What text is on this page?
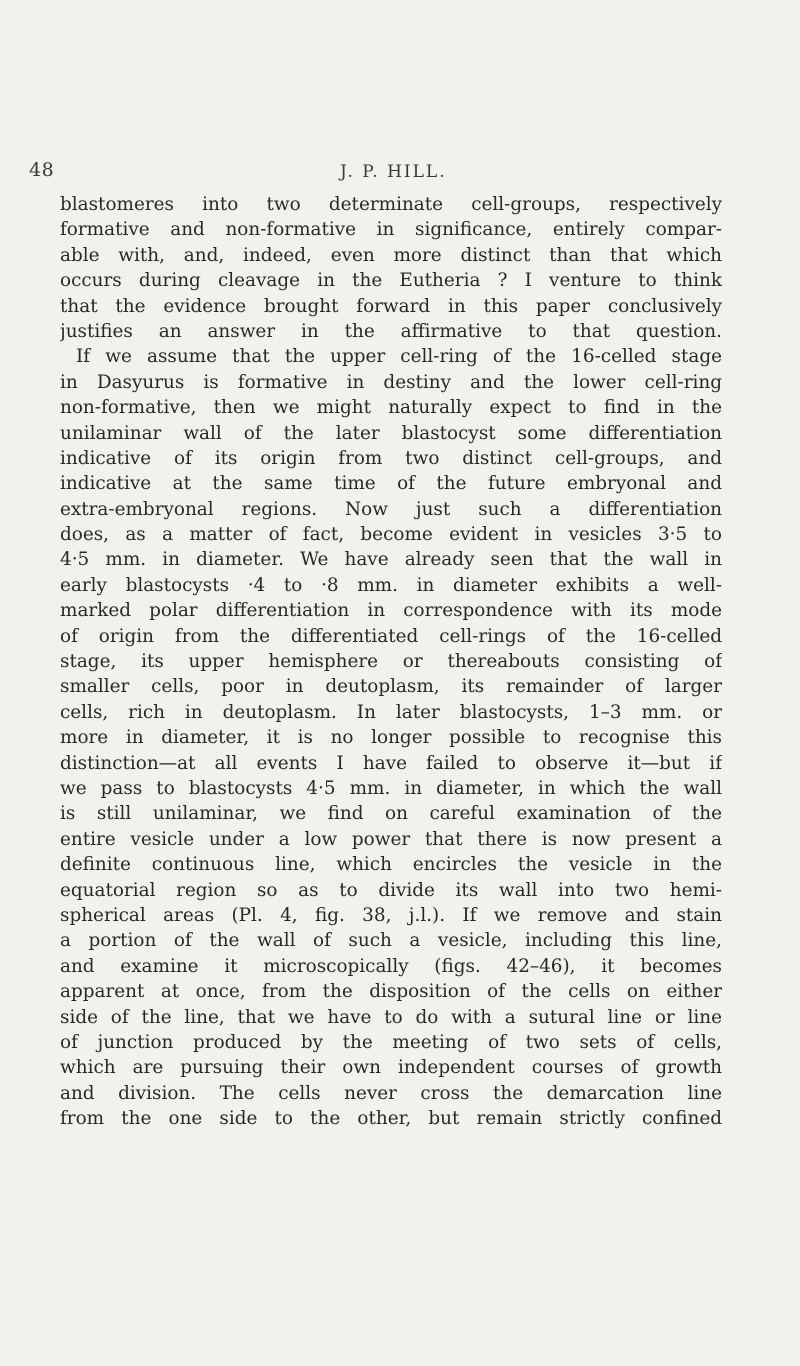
48	J. P. HILL.
blastomeres into two determinate cell-groups, respectively
formative and non-formative in significance, entirely compar-
able with, and, indeed, even more distinct than that which
occurs during cleavage in the Eutheria ? I venture to think
that the evidence brought forward in this paper conclusively
justifies an answer in the affirmative to that question.
If we assume that the upper cell-ring of the 16-celled stage
in Dasyurus is formative in destiny and the lower cell-ring
non-formative, then we might naturally expect to find in the
unilaminar wall of the later blastocyst some differentiation
indicative of its origin from two distinct cell-groups, and
indicative at the same time of the future embryonal and
extra-embryonal regions. Now just such a differentiation
does, as a matter of fact, become evident in vesicles 3·5 to
4·5 mm. in diameter. We have already seen that the wall in
early blastocysts ·4 to ·8 mm. in diameter exhibits a well-
marked polar differentiation in correspondence with its mode
of origin from the differentiated cell-rings of the 16-celled
stage, its upper hemisphere or thereabouts consisting of
smaller cells, poor in deutoplasm, its remainder of larger
cells, rich in deutoplasm. In later blastocysts, 1–3 mm. or
more in diameter, it is no longer possible to recognise this
distinction—at all events I have failed to observe it—but if
we pass to blastocysts 4·5 mm. in diameter, in which the wall
is still unilaminar, we find on careful examination of the
entire vesicle under a low power that there is now present a
definite continuous line, which encircles the vesicle in the
equatorial region so as to divide its wall into two hemi-
spherical areas (Pl. 4, fig. 38, j.l.). If we remove and stain
a portion of the wall of such a vesicle, including this line,
and examine it microscopically (figs. 42–46), it becomes
apparent at once, from the disposition of the cells on either
side of the line, that we have to do with a sutural line or line
of junction produced by the meeting of two sets of cells,
which are pursuing their own independent courses of growth
and division. The cells never cross the demarcation line
from the one side to the other, but remain strictly confined
